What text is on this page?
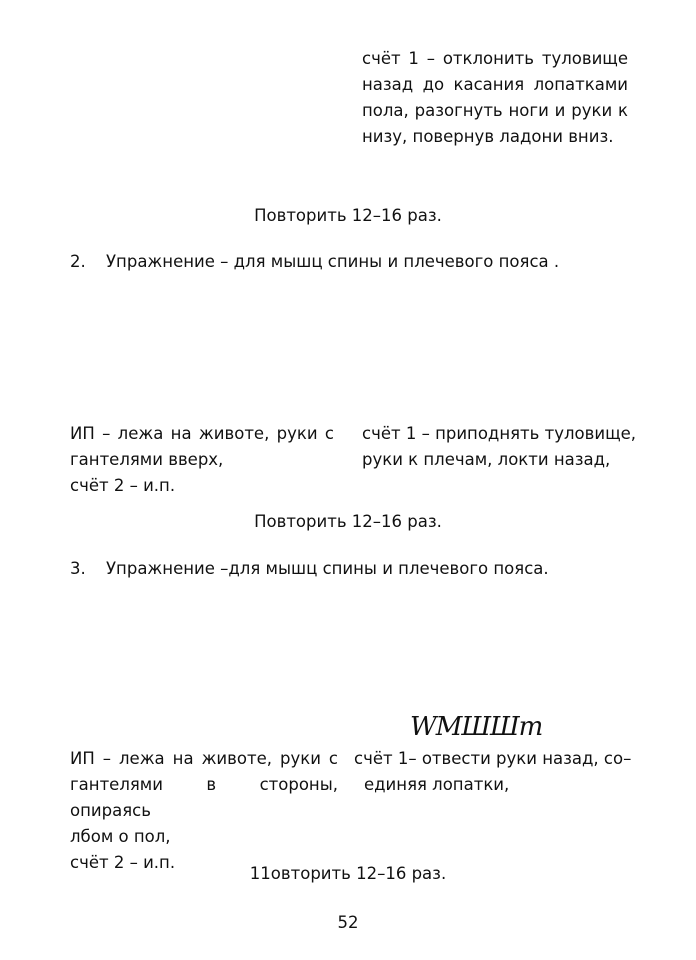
счёт 1 – отклонить туловище
назад до касания лопатками
пола, разогнуть ноги и руки к
низу, повернув ладони вниз.
Повторить 12–16 раз.
2. Упражнение – для мышц спины и плечевого пояса .
ИП – лежа на животе, руки с
гантелями вверх,
счёт 2 – и.п.
счёт 1 – приподнять туловище,
руки к плечам, локти назад,
Повторить 12–16 раз.
3. Упражнение –для мышц спины и плечевого пояса.
WMШШm
ИП – лежа на животе, руки с
гантелями в стороны, опираясь
лбом о пол,
счёт 2 – и.п.
счёт 1– отвести руки назад, со–
единяя лопатки,
11овторить 12–16 раз.
52
